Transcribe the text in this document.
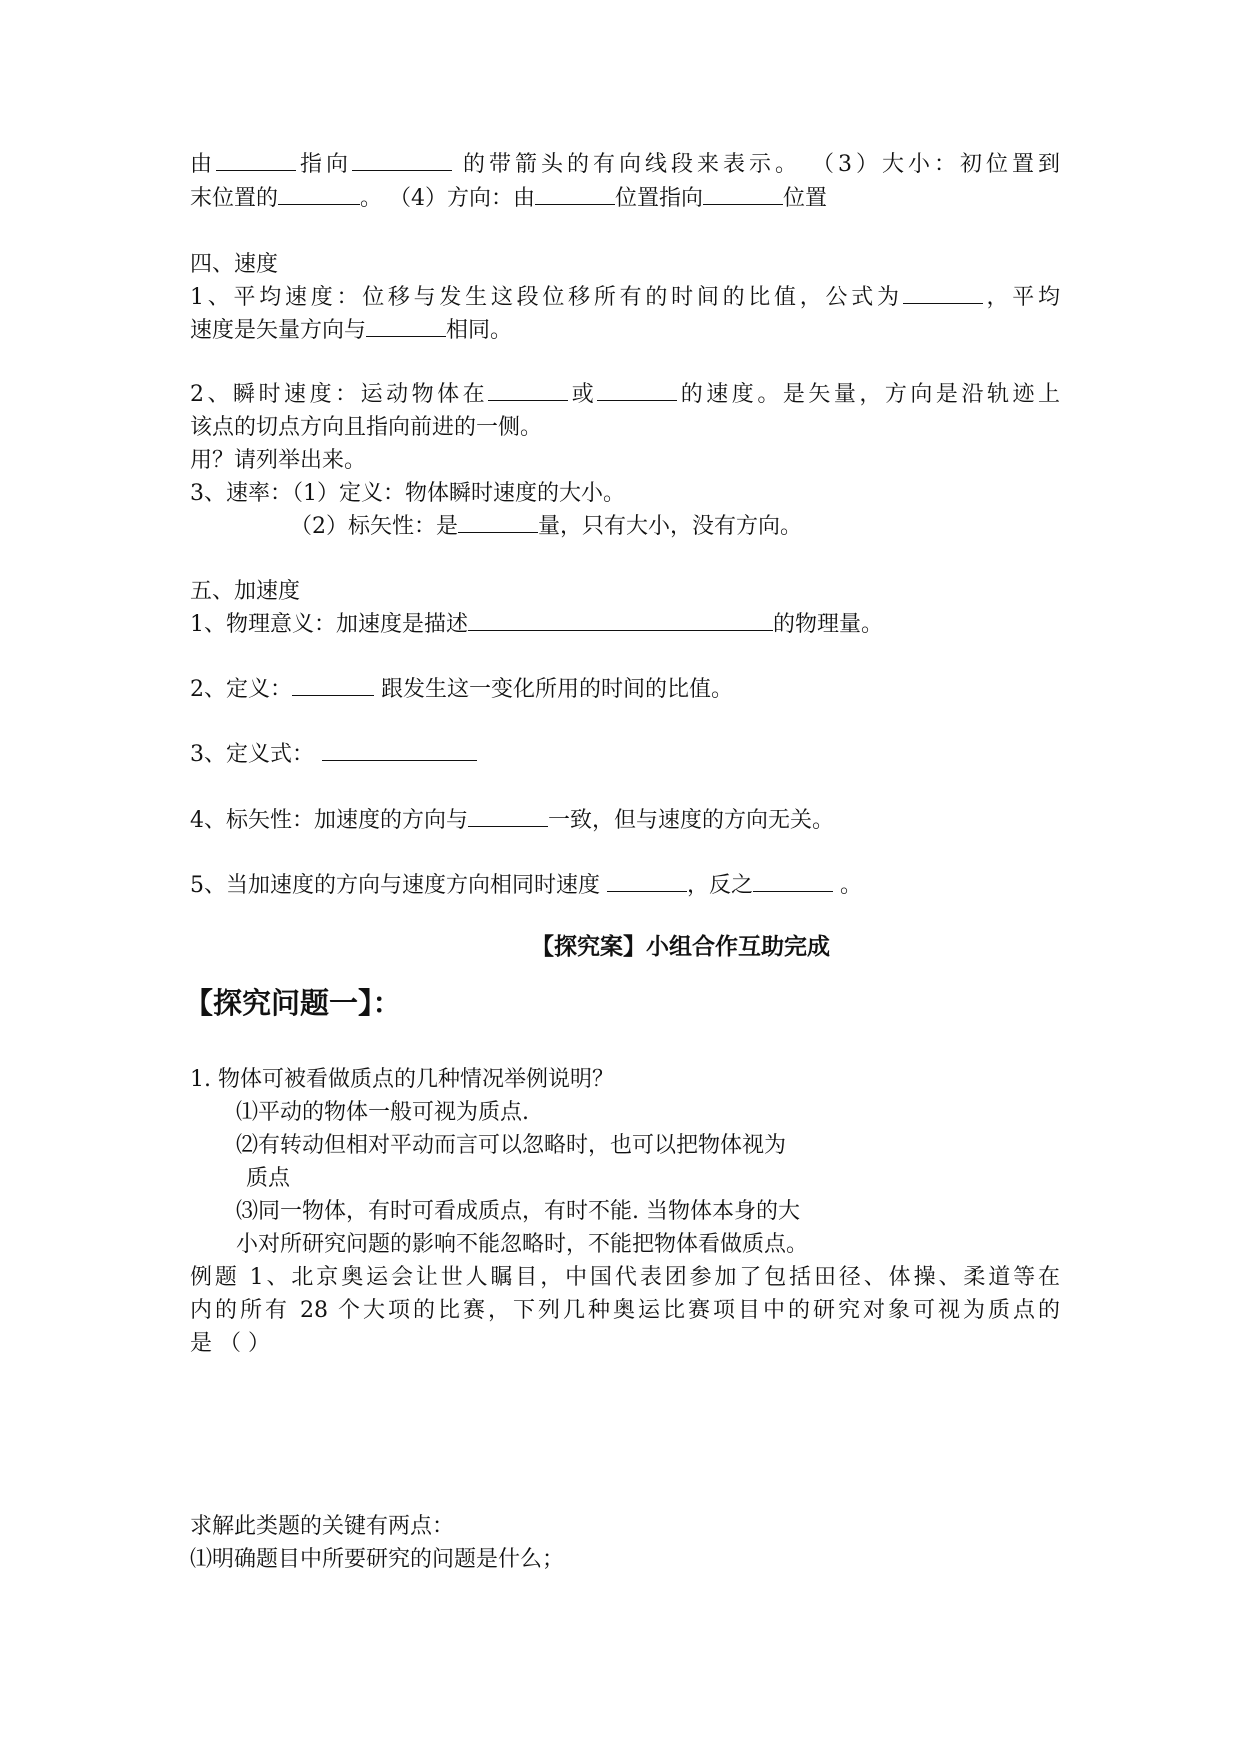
由	指向	的带箭头的有向线段来表示。 （3）大小：初位置到
末位置的	。 （4）方向：由	位置指向	位置
四、速度
1、平均速度：位移与发生这段位移所有的时间的比值，公式为	，平均
速度是矢量方向与	相同。
2、瞬时速度：运动物体在	或	的速度。是矢量，方向是沿轨迹上
该点的切点方向且指向前进的一侧。
用？请列举出来。
3、速率：（1）定义：物体瞬时速度的大小。
（2）标矢性：是	量，只有大小，没有方向。
五、加速度
1、物理意义：加速度是描述	的物理量。
2、定义：	跟发生这一变化所用的时间的比值。
3、定义式：
4、标矢性：加速度的方向与	一致，但与速度的方向无关。
5、当加速度的方向与速度方向相同时速度	，反之	。
【探究案】小组合作互助完成
【探究问题一】：
1. 物体可被看做质点的几种情况举例说明？
⑴平动的物体一般可视为质点.
⑵有转动但相对平动而言可以忽略时，也可以把物体视为
质点
⑶同一物体，有时可看成质点，有时不能. 当物体本身的大
小对所研究问题的影响不能忽略时，不能把物体看做质点。
例题 1、北京奥运会让世人瞩目，中国代表团参加了包括田径、体操、柔道等在
内的所有 28 个大项的比赛，下列几种奥运比赛项目中的研究对象可视为质点的
是 （ ）
求解此类题的关键有两点：
⑴明确题目中所要研究的问题是什么；
